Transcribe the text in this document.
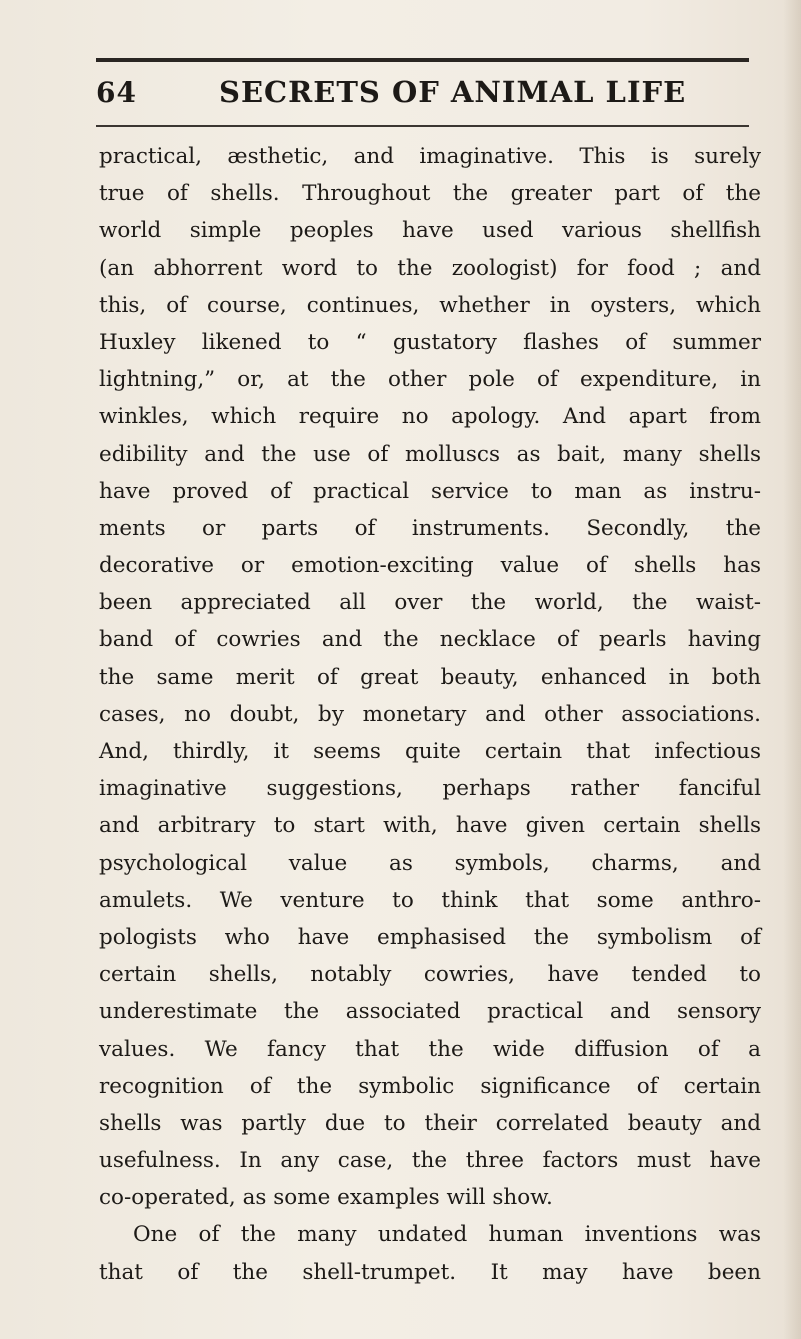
64	SECRETS OF ANIMAL LIFE
practical, æsthetic, and imaginative. This is surely
true of shells. Throughout the greater part of the
world simple peoples have used various shellfish
(an abhorrent word to the zoologist) for food ; and
this, of course, continues, whether in oysters, which
Huxley likened to “ gustatory flashes of summer
lightning,” or, at the other pole of expenditure, in
winkles, which require no apology. And apart from
edibility and the use of molluscs as bait, many shells
have proved of practical service to man as instru-
ments or parts of instruments. Secondly, the
decorative or emotion-exciting value of shells has
been appreciated all over the world, the waist-
band of cowries and the necklace of pearls having
the same merit of great beauty, enhanced in both
cases, no doubt, by monetary and other associations.
And, thirdly, it seems quite certain that infectious
imaginative suggestions, perhaps rather fanciful
and arbitrary to start with, have given certain shells
psychological value as symbols, charms, and
amulets. We venture to think that some anthro-
pologists who have emphasised the symbolism of
certain shells, notably cowries, have tended to
underestimate the associated practical and sensory
values. We fancy that the wide diffusion of a
recognition of the symbolic significance of certain
shells was partly due to their correlated beauty and
usefulness. In any case, the three factors must have
co-operated, as some examples will show.
One of the many undated human inventions was
that of the shell-trumpet. It may have been
